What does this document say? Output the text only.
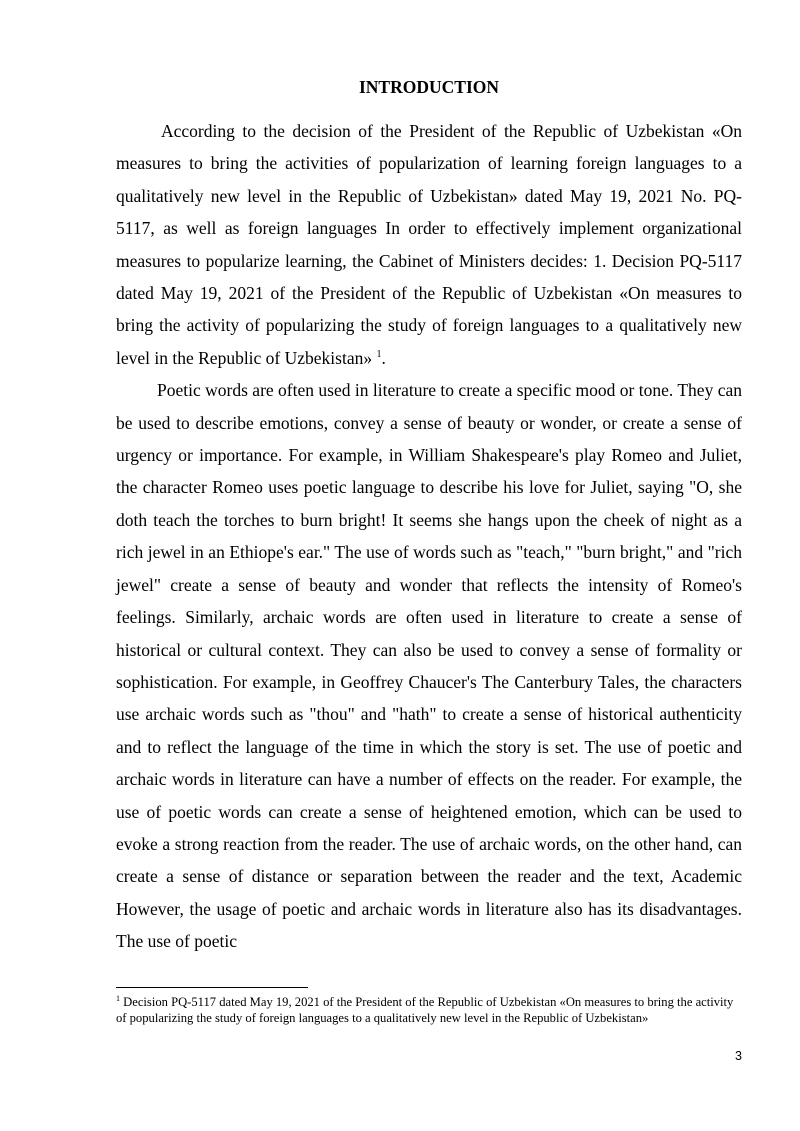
INTRODUCTION

According to the decision of the President of the Republic of Uzbekistan «On measures to bring the activities of popularization of learning foreign languages to a qualitatively new level in the Republic of Uzbekistan» dated May 19, 2021 No. PQ-5117, as well as foreign languages In order to effectively implement organizational measures to popularize learning, the Cabinet of Ministers decides: 1. Decision PQ-5117 dated May 19, 2021 of the President of the Republic of Uzbekistan «On measures to bring the activity of popularizing the study of foreign languages to a qualitatively new level in the Republic of Uzbekistan» $^1$.

Poetic words are often used in literature to create a specific mood or tone. They can be used to describe emotions, convey a sense of beauty or wonder, or create a sense of urgency or importance. For example, in William Shakespeare's play Romeo and Juliet, the character Romeo uses poetic language to describe his love for Juliet, saying "O, she doth teach the torches to burn bright! It seems she hangs upon the cheek of night as a rich jewel in an Ethiope's ear." The use of words such as "teach," "burn bright," and "rich jewel" create a sense of beauty and wonder that reflects the intensity of Romeo's feelings. Similarly, archaic words are often used in literature to create a sense of historical or cultural context. They can also be used to convey a sense of formality or sophistication. For example, in Geoffrey Chaucer's The Canterbury Tales, the characters use archaic words such as "thou" and "hath" to create a sense of historical authenticity and to reflect the language of the time in which the story is set. The use of poetic and archaic words in literature can have a number of effects on the reader. For example, the use of poetic words can create a sense of heightened emotion, which can be used to evoke a strong reaction from the reader. The use of archaic words, on the other hand, can create a sense of distance or separation between the reader and the text, Academic However, the usage of poetic and archaic words in literature also has its disadvantages. The use of poetic

$^1$ Decision PQ-5117 dated May 19, 2021 of the President of the Republic of Uzbekistan «On measures to bring the activity of popularizing the study of foreign languages to a qualitatively new level in the Republic of Uzbekistan»

3
